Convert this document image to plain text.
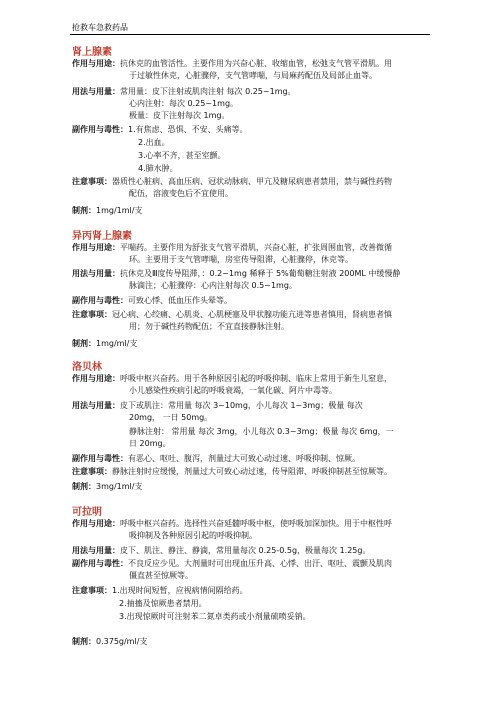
抢救车急救药品
肾上腺素
作用与用途：抗休克的血管活性。主要作用为兴奋心脏、收缩血管，松弛支气管平滑肌。用
于过敏性休克，心脏骤停，支气管哮喘，与局麻药配伍及局部止血等。
用法与用量：常用量：皮下注射或肌肉注射 每次 0.25~1mg。
心内注射：每次 0.25~1mg。
极量：皮下注射每次 1mg。
副作用与毒性：1.有焦虑、恐惧、不安、头痛等。
2.出血。
3.心率不齐，甚至室颤。
4.肺水肿。
注意事项：器质性心脏病、高血压病、冠状动脉病、甲亢及糖尿病患者禁用，禁与碱性药物
配伍，溶液变色后不宜使用。
制剂：1mg/1ml/支
异丙肾上腺素
作用与用途：平喘药。主要作用为舒张支气管平滑肌，兴奋心脏，扩张周围血管，改善微循
环。主要用于支气管哮喘，房室传导阻滞，心脏骤停，休克等。
用法与用量：抗休克及Ⅲ度传导阻滞，：0.2~1mg 稀释于 5%葡萄糖注射液 200ML 中缓慢静
脉滴注；心脏骤停：心内注射每次 0.5~1mg。
副作用与毒性：可致心悸、低血压作头晕等。
注意事项：冠心病、心绞痛、心肌炎、心肌梗塞及甲状腺功能亢进等患者慎用，肾病患者慎
用；勿于碱性药物配伍；不宜直接静脉注射。
制剂：1mg/ml/支
洛贝林
作用与用途：呼吸中枢兴奋药。用于各种原因引起的呼吸抑制、临床上常用于新生儿窒息，
小儿感染性疾病引起的呼吸衰竭，一氧化碳、阿片中毒等。
用法与用量：皮下或肌注：常用量 每次 3~10mg，小儿每次 1~3mg；极量 每次
20mg， 一日 50mg。
静脉注射： 常用量 每次 3mg，小儿每次 0.3~3mg；极量 每次 6mg，一
日 20mg。
副作用与毒性：有恶心、呕吐、腹泻，剂量过大可致心动过速、呼吸抑制、惊厥。
注意事项：静脉注射时应缓慢，剂量过大可致心动过速，传导阻滞、呼吸抑制甚至惊厥等。
制剂：3mg/1ml/支
可拉明
作用与用途：呼吸中枢兴奋药。选择性兴奋延髓呼吸中枢，使呼吸加深加快。用于中枢性呼
吸抑制及各种原因引起的呼吸抑制。
用法与用量：皮下、肌注、静注、静滴，常用量每次 0.25-0.5g，极量每次 1.25g。
副作用与毒性：不良反应少见。大剂量时可出现血压升高、心悸、出汗、呕吐、震颤及肌肉
僵直甚至惊厥等。
注意事项：1.出现时间短暂，应视病情间隔给药。
2.抽搐及惊厥患者禁用。
3.出现惊厥时可注射苯二氮卓类药或小剂量硫喷妥钠。
制剂：0.375g/ml/支
